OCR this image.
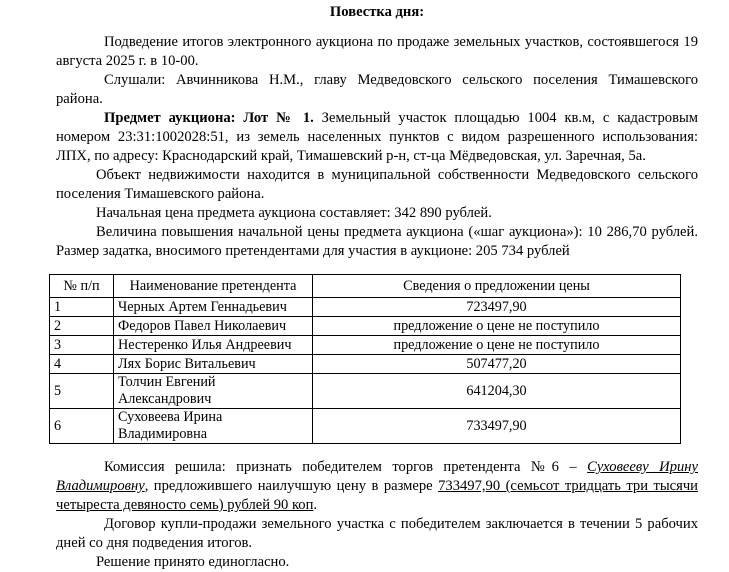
Повестка дня:

Подведение итогов электронного аукциона по продаже земельных участков, состоявшегося 19 августа 2025 г. в 10-00.

Слушали: Авчинникова Н.М., главу Медведовского сельского поселения Тимашевского района.

Предмет аукциона: Лот № 1. Земельный участок площадью 1004 кв.м, с кадастровым номером 23:31:1002028:51, из земель населенных пунктов с видом разрешенного использования: ЛПХ, по адресу: Краснодарский край, Тимашевский р-н, ст-ца Мёдведовская, ул. Заречная, 5а.

Объект недвижимости находится в муниципальной собственности Медведовского сельского поселения Тимашевского района.

Начальная цена предмета аукциона составляет: 342 890 рублей.

Величина повышения начальной цены предмета аукциона («шаг аукциона»): 10 286,70 рублей. Размер задатка, вносимого претендентами для участия в аукционе: 205 734 рублей

№ п/п	Наименование претендента	Сведения о предложении цены
1	Черных Артем Геннадьевич	723497,90
2	Федоров Павел Николаевич	предложение о цене не поступило
3	Нестеренко Илья Андреевич	предложение о цене не поступило
4	Лях Борис Витальевич	507477,20
5	Толчин Евгений Александрович	641204,30
6	Суховеева Ирина Владимировна	733497,90

Комиссия решила: признать победителем торгов претендента №6 – Суховееву Ирину Владимировну, предложившего наилучшую цену в размере 733497,90 (семьсот тридцать три тысячи четыреста девяносто семь) рублей 90 коп.

Договор купли-продажи земельного участка с победителем заключается в течении 5 рабочих дней со дня подведения итогов.

Решение принято единогласно.
